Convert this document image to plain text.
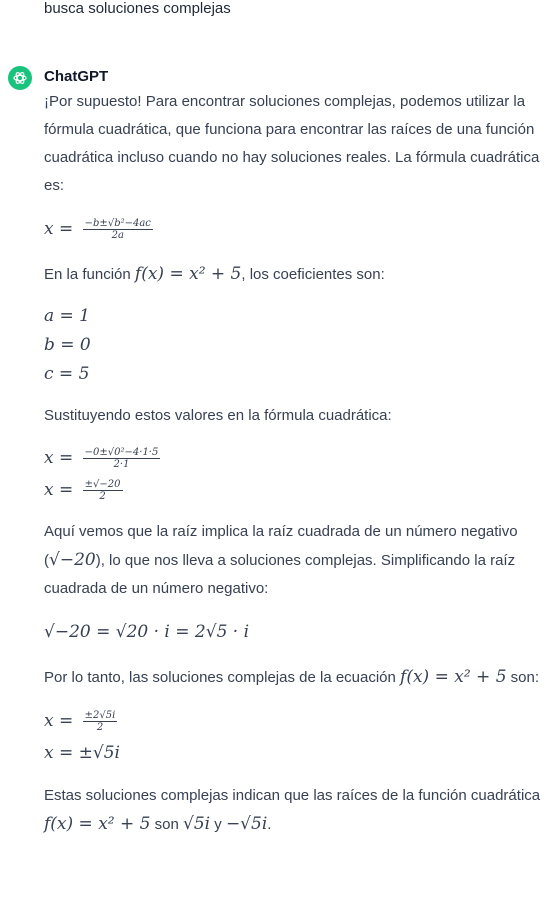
busca soluciones complejas
ChatGPT

¡Por supuesto! Para encontrar soluciones complejas, podemos utilizar la fórmula cuadrática, que funciona para encontrar las raíces de una función cuadrática incluso cuando no hay soluciones reales. La fórmula cuadrática es:

$x = \frac{\text{−b±√b²−4ac}}{2a}$

En la función f(x) = x² + 5, los coeficientes son:

a = 1
b = 0
c = 5

Sustituyendo estos valores en la fórmula cuadrática:

$x = \frac{\text{−0±√0²−4·1·5}}{2\cdot 1}$
$x = \frac{\pm√-20}{2}$

Aquí vemos que la raíz implica la raíz cuadrada de un número negativo (√−20), lo que nos lleva a soluciones complejas. Simplificando la raíz cuadrada de un número negativo:

√−20 = √20 · i = 2√5 · i

Por lo tanto, las soluciones complejas de la ecuación f(x) = x² + 5 son:

$x = \frac{\pm 2√5i}{2}$
x = ±√5i

Estas soluciones complejas indican que las raíces de la función cuadrática f(x) = x² + 5 son √5i y −√5i.
